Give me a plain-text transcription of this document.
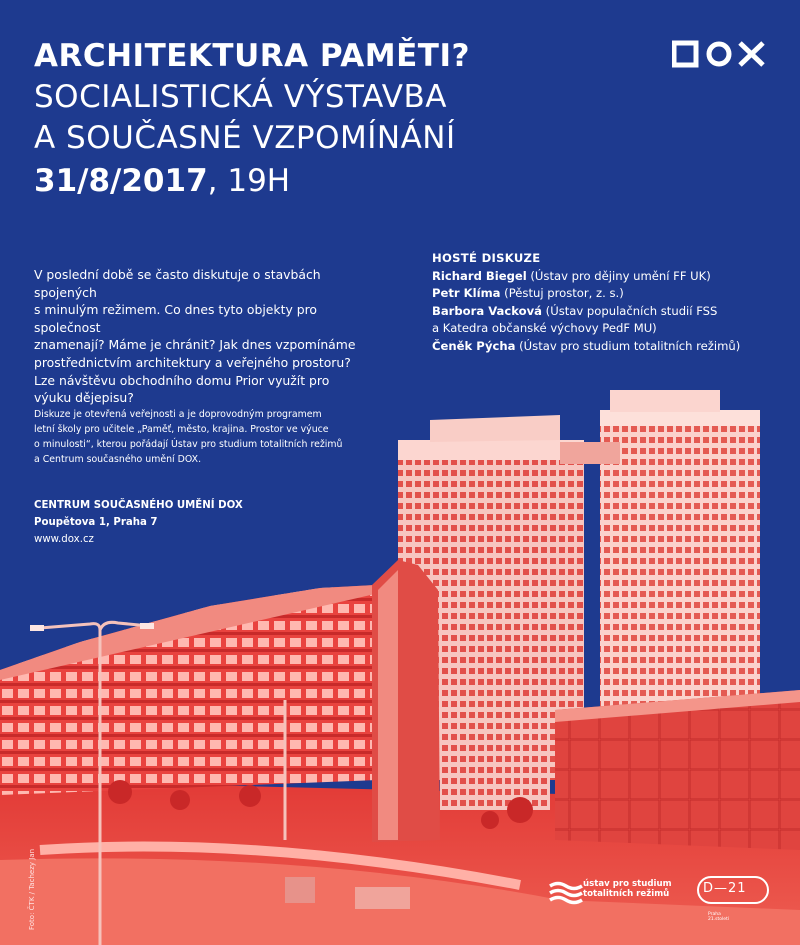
ARCHITEKTURA PAMĚTI?
SOCIALISTICKÁ VÝSTAVBA
A SOUČASNÉ VZPOMÍNÁNÍ
31/8/2017, 19H
V poslední době se často diskutuje o stavbách spojených
s minulým režimem. Co dnes tyto objekty pro společnost
znamenají? Máme je chránit? Jak dnes vzpomínáme
prostřednictvím architektury a veřejného prostoru?
Lze návštěvu obchodního domu Prior využít pro
výuku dějepisu?
HOSTÉ DISKUZE
Richard Biegel (Ústav pro dějiny umění FF UK)
Petr Klíma (Pěstuj prostor, z. s.)
Barbora Vacková (Ústav populačních studií FSS
a Katedra občanské výchovy PedF MU)
Čeněk Pýcha (Ústav pro studium totalitních režimů)
Diskuze je otevřená veřejnosti a je doprovodným programem
letní školy pro učitele „Paměť, město, krajina. Prostor ve výuce
o minulosti“, kterou pořádají Ústav pro studium totalitních režimů
a Centrum současného umění DOX.
CENTRUM SOUČASNÉHO UMĚNÍ DOX
Poupětova 1, Praha 7
www.dox.cz
ústav pro studium
totalitních režimů	D—21
Praha
21.století
Foto: ČTK / Tachezy Jan
